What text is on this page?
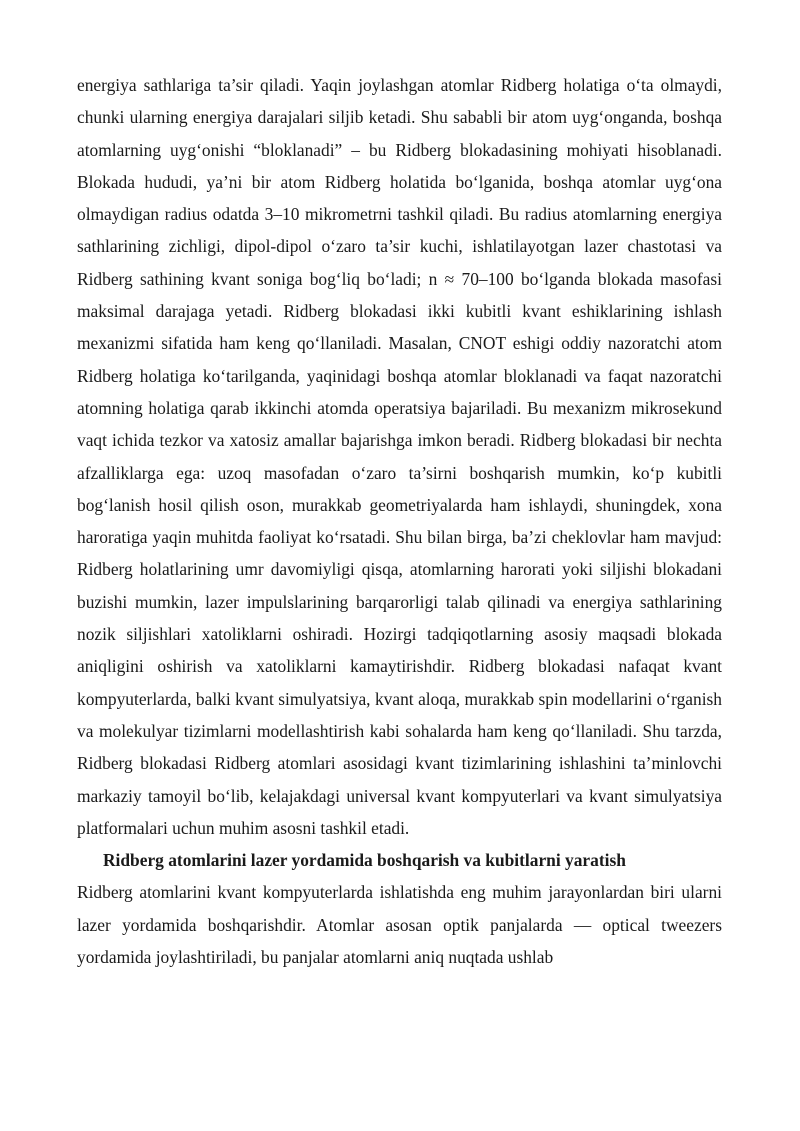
energiya sathlariga ta’sir qiladi. Yaqin joylashgan atomlar Ridberg holatiga o‘ta olmaydi, chunki ularning energiya darajalari siljib ketadi. Shu sababli bir atom uyg‘onganda, boshqa atomlarning uyg‘onishi “bloklanadi” – bu Ridberg blokadasining mohiyati hisoblanadi. Blokada hududi, ya’ni bir atom Ridberg holatida bo‘lganida, boshqa atomlar uyg‘ona olmaydigan radius odatda 3–10 mikrometrni tashkil qiladi. Bu radius atomlarning energiya sathlarining zichligi, dipol-dipol o‘zaro ta’sir kuchi, ishlatilayotgan lazer chastotasi va Ridberg sathining kvant soniga bog‘liq bo‘ladi; n ≈ 70–100 bo‘lganda blokada masofasi maksimal darajaga yetadi. Ridberg blokadasi ikki kubitli kvant eshiklarining ishlash mexanizmi sifatida ham keng qo‘llaniladi. Masalan, CNOT eshigi oddiy nazoratchi atom Ridberg holatiga ko‘tarilganda, yaqinidagi boshqa atomlar bloklanadi va faqat nazoratchi atomning holatiga qarab ikkinchi atomda operatsiya bajariladi. Bu mexanizm mikrosekund vaqt ichida tezkor va xatosiz amallar bajarishga imkon beradi. Ridberg blokadasi bir nechta afzalliklarga ega: uzoq masofadan o‘zaro ta’sirni boshqarish mumkin, ko‘p kubitli bog‘lanish hosil qilish oson, murakkab geometriyalarda ham ishlaydi, shuningdek, xona haroratiga yaqin muhitda faoliyat ko‘rsatadi. Shu bilan birga, ba’zi cheklovlar ham mavjud: Ridberg holatlarining umr davomiyligi qisqa, atomlarning harorati yoki siljishi blokadani buzishi mumkin, lazer impulslarining barqarorligi talab qilinadi va energiya sathlarining nozik siljishlari xatoliklarni oshiradi. Hozirgi tadqiqotlarning asosiy maqsadi blokada aniqligini oshirish va xatoliklarni kamaytirishdir. Ridberg blokadasi nafaqat kvant kompyuterlarda, balki kvant simulyatsiya, kvant aloqa, murakkab spin modellarini o‘rganish va molekulyar tizimlarni modellashtirish kabi sohalarda ham keng qo‘llaniladi. Shu tarzda, Ridberg blokadasi Ridberg atomlari asosidagi kvant tizimlarining ishlashini ta’minlovchi markaziy tamoyil bo‘lib, kelajakdagi universal kvant kompyuterlari va kvant simulyatsiya platformalari uchun muhim asosni tashkil etadi.

Ridberg atomlarini lazer yordamida boshqarish va kubitlarni yaratish

Ridberg atomlarini kvant kompyuterlarda ishlatishda eng muhim jarayonlardan biri ularni lazer yordamida boshqarishdir. Atomlar asosan optik panjalarda — optical tweezers yordamida joylashtiriladi, bu panjalar atomlarni aniq nuqtada ushlab
